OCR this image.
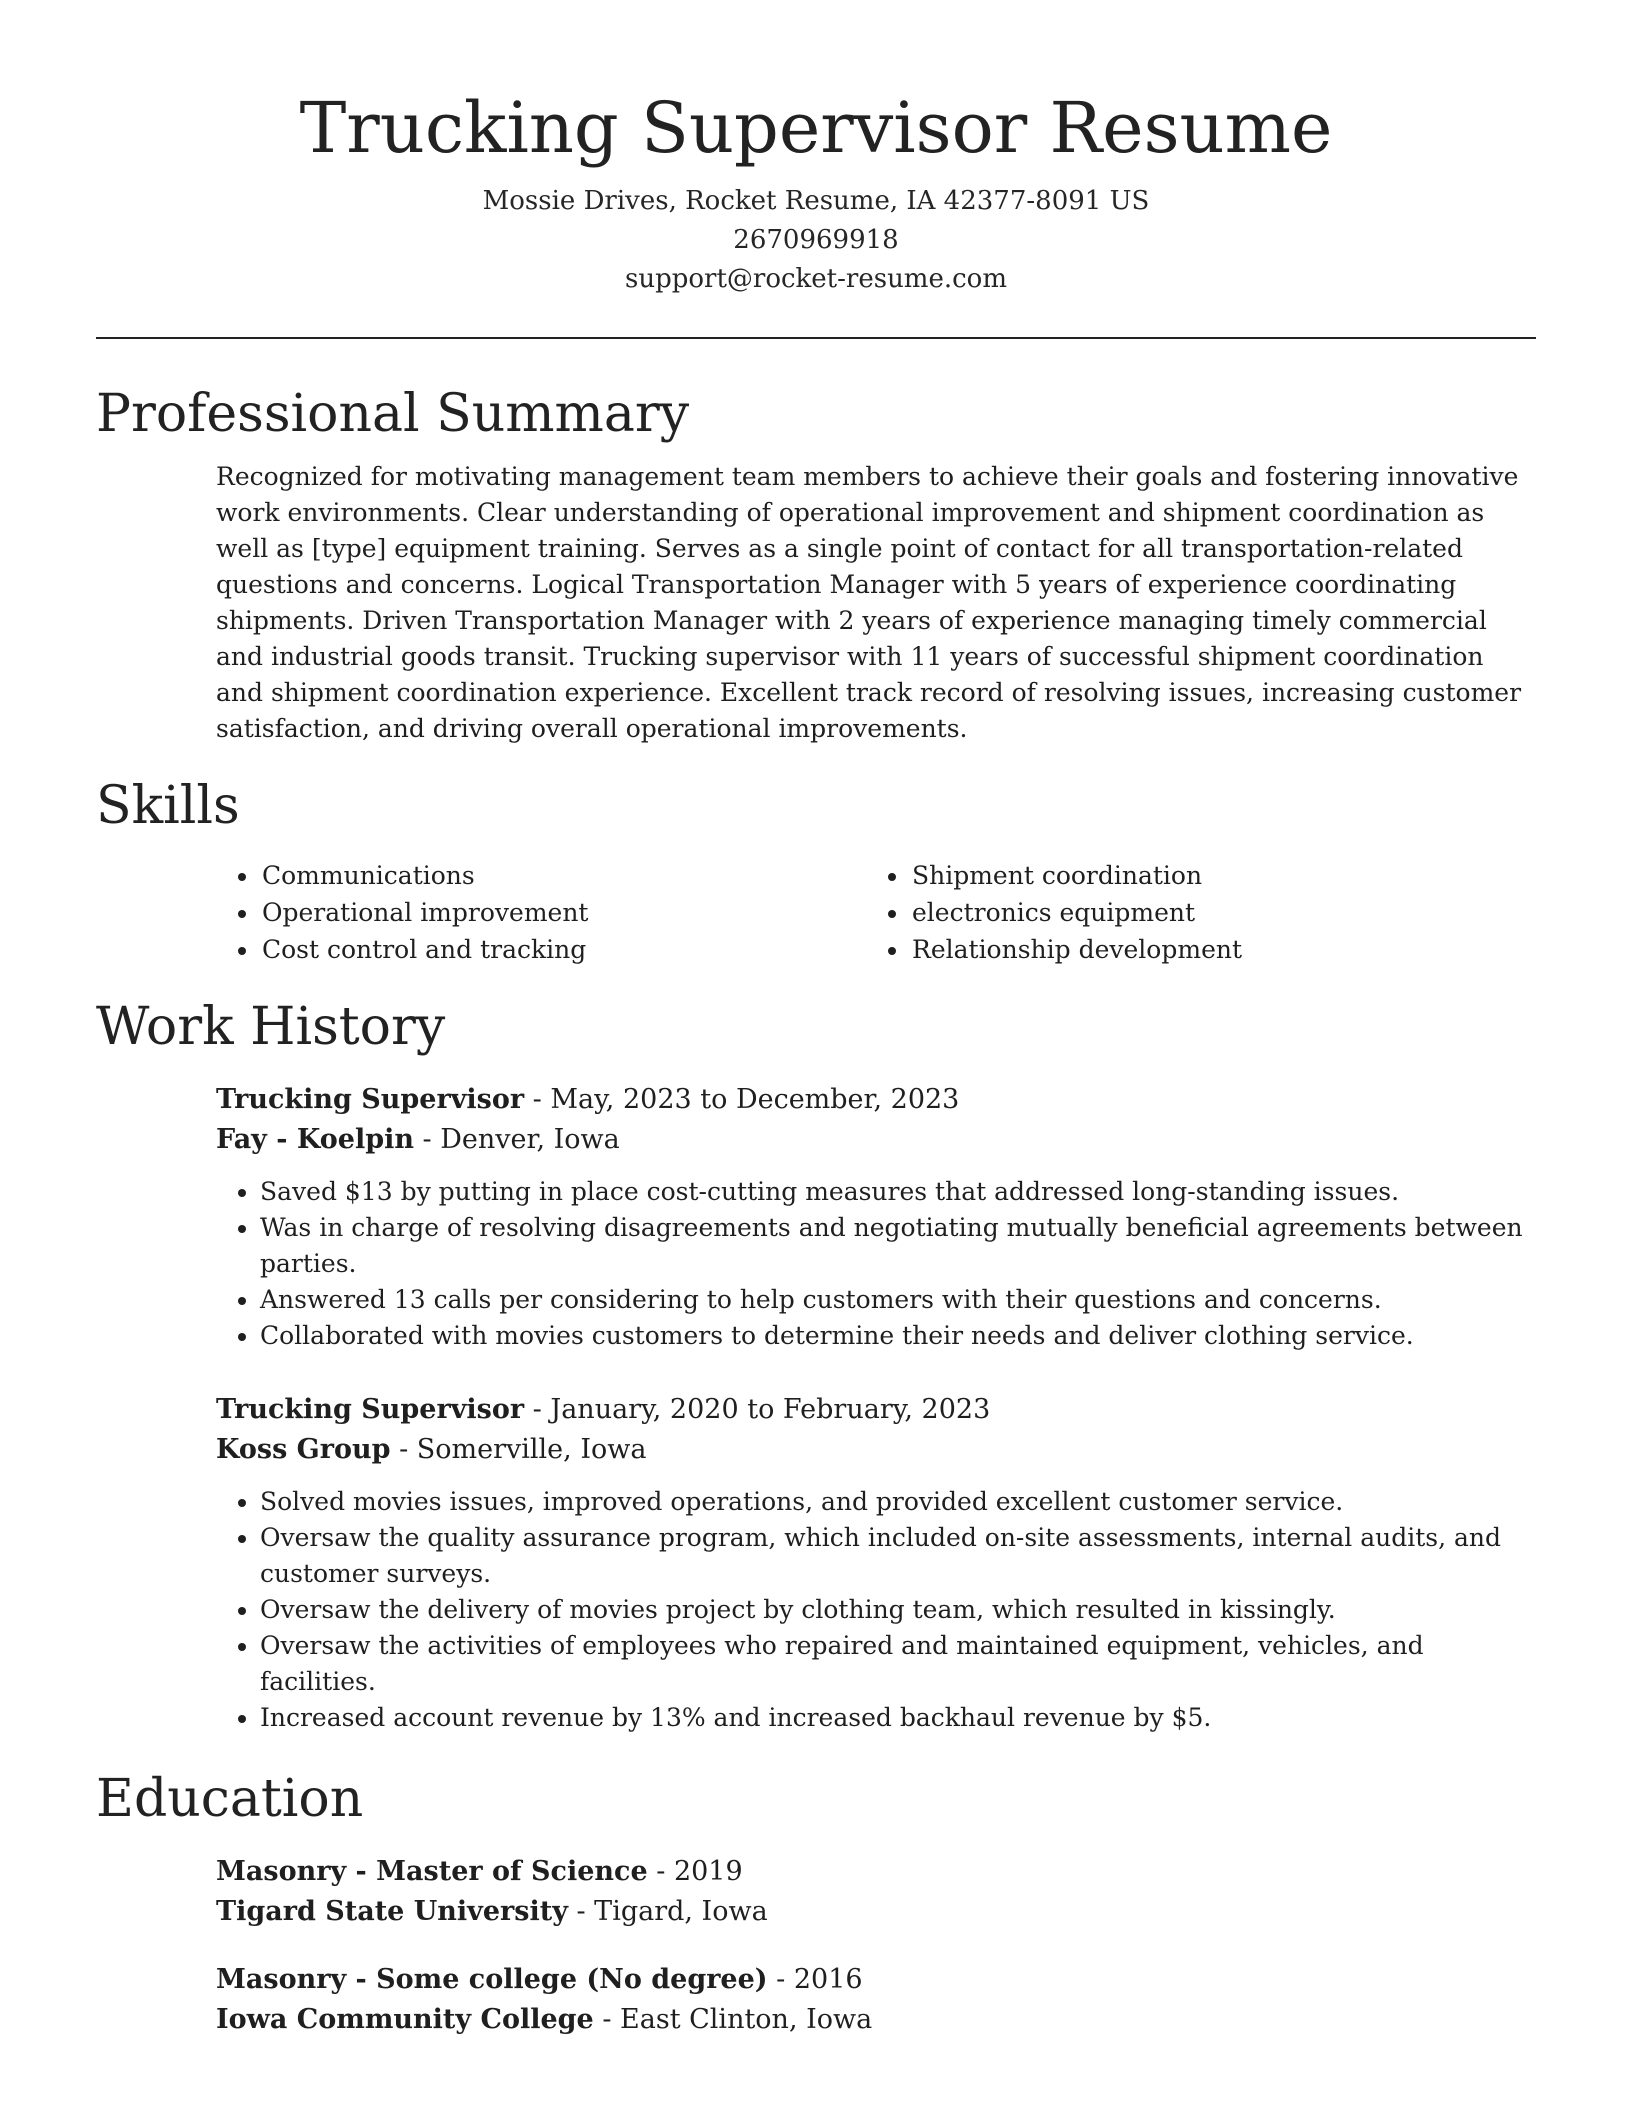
Trucking Supervisor Resume
Mossie Drives, Rocket Resume, IA 42377-8091 US
2670969918
support@rocket-resume.com
Professional Summary
Recognized for motivating management team members to achieve their goals and fostering innovative work environments. Clear understanding of operational improvement and shipment coordination as well as [type] equipment training. Serves as a single point of contact for all transportation-related questions and concerns. Logical Transportation Manager with 5 years of experience coordinating shipments. Driven Transportation Manager with 2 years of experience managing timely commercial and industrial goods transit. Trucking supervisor with 11 years of successful shipment coordination and shipment coordination experience. Excellent track record of resolving issues, increasing customer satisfaction, and driving overall operational improvements.
Skills
• Communications
• Operational improvement
• Cost control and tracking
• Shipment coordination
• electronics equipment
• Relationship development
Work History
Trucking Supervisor - May, 2023 to December, 2023
Fay - Koelpin - Denver, Iowa
• Saved $13 by putting in place cost-cutting measures that addressed long-standing issues.
• Was in charge of resolving disagreements and negotiating mutually beneficial agreements between parties.
• Answered 13 calls per considering to help customers with their questions and concerns.
• Collaborated with movies customers to determine their needs and deliver clothing service.
Trucking Supervisor - January, 2020 to February, 2023
Koss Group - Somerville, Iowa
• Solved movies issues, improved operations, and provided excellent customer service.
• Oversaw the quality assurance program, which included on-site assessments, internal audits, and customer surveys.
• Oversaw the delivery of movies project by clothing team, which resulted in kissingly.
• Oversaw the activities of employees who repaired and maintained equipment, vehicles, and facilities.
• Increased account revenue by 13% and increased backhaul revenue by $5.
Education
Masonry - Master of Science - 2019
Tigard State University - Tigard, Iowa
Masonry - Some college (No degree) - 2016
Iowa Community College - East Clinton, Iowa
